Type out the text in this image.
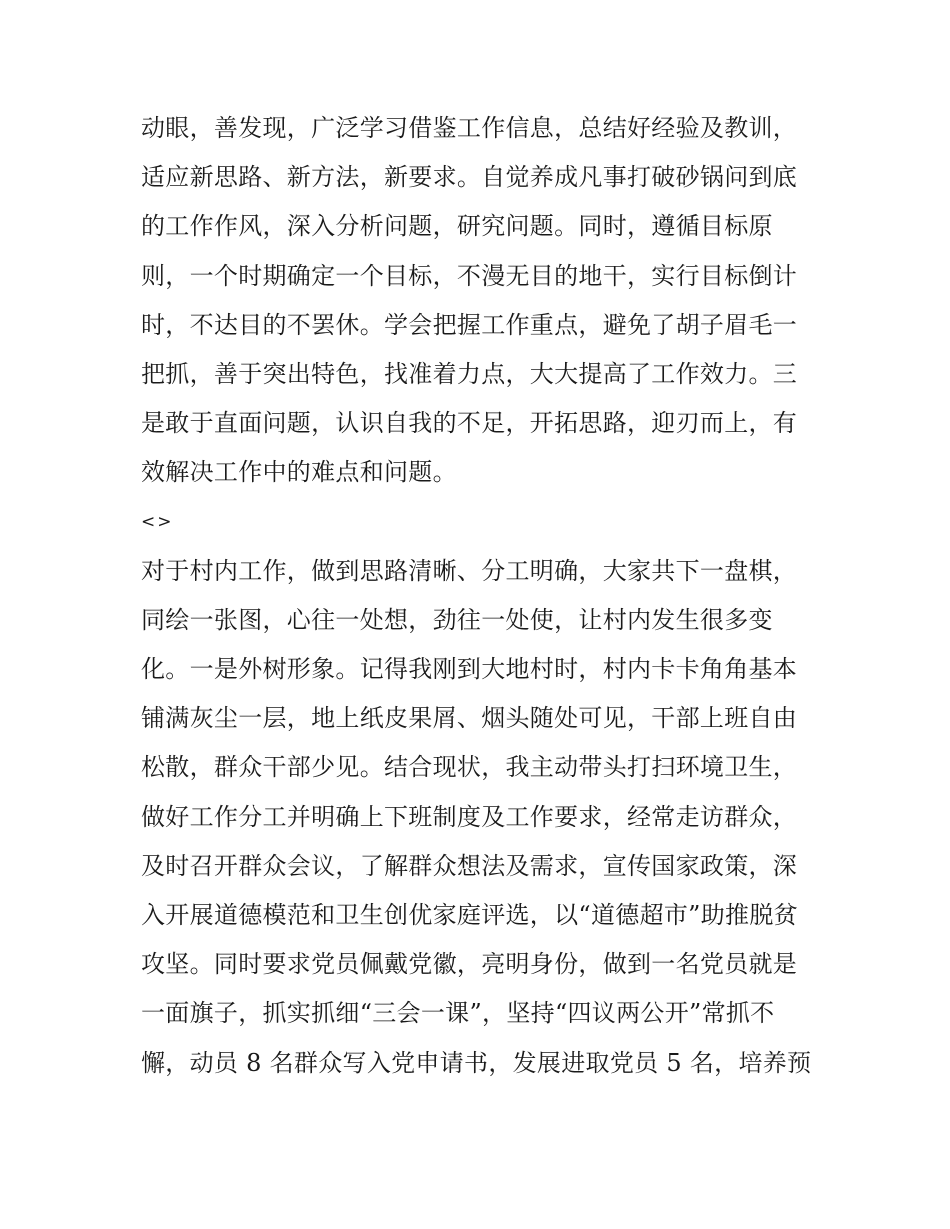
动眼，善发现，广泛学习借鉴工作信息，总结好经验及教训，
适应新思路、新方法，新要求。自觉养成凡事打破砂锅问到底
的工作作风，深入分析问题，研究问题。同时，遵循目标原
则，一个时期确定一个目标，不漫无目的地干，实行目标倒计
时，不达目的不罢休。学会把握工作重点，避免了胡子眉毛一
把抓，善于突出特色，找准着力点，大大提高了工作效力。三
是敢于直面问题，认识自我的不足，开拓思路，迎刃而上，有
效解决工作中的难点和问题。
<>
对于村内工作，做到思路清晰、分工明确，大家共下一盘棋，
同绘一张图，心往一处想，劲往一处使，让村内发生很多变
化。一是外树形象。记得我刚到大地村时，村内卡卡角角基本
铺满灰尘一层，地上纸皮果屑、烟头随处可见，干部上班自由
松散，群众干部少见。结合现状，我主动带头打扫环境卫生，
做好工作分工并明确上下班制度及工作要求，经常走访群众，
及时召开群众会议，了解群众想法及需求，宣传国家政策，深
入开展道德模范和卫生创优家庭评选，以“道德超市”助推脱贫
攻坚。同时要求党员佩戴党徽，亮明身份，做到一名党员就是
一面旗子，抓实抓细“三会一课”，坚持“四议两公开”常抓不
懈，动员 8 名群众写入党申请书，发展进取党员 5 名，培养预
